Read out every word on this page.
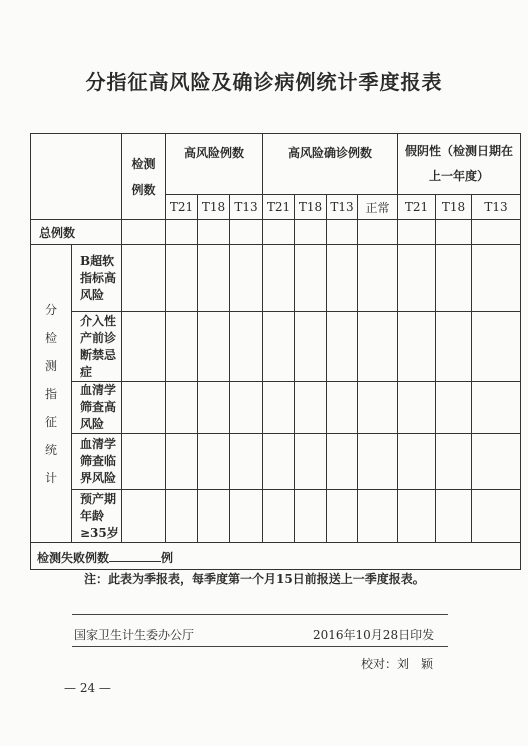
分指征高风险及确诊病例统计季度报表
		检测例数	高风险例数			高风险确诊例数				假阴性（检测日期在上一年度）		
			T21	T18	T13	T21	T18	T13	正常	T21	T18	T13
总例数												

分检测指征统计	B超软指标高风险											
	介入性产前诊断禁忌症											
	血清学筛查高风险											
	血清学筛查临界风险											
	预产期年龄≥35岁											
检测失败例数 例												
注：此表为季报表，每季度第一个月15日前报送上一季度报表。
国家卫生计生委办公厅	2016年10月28日印发
校对：刘　颖
— 24 —
